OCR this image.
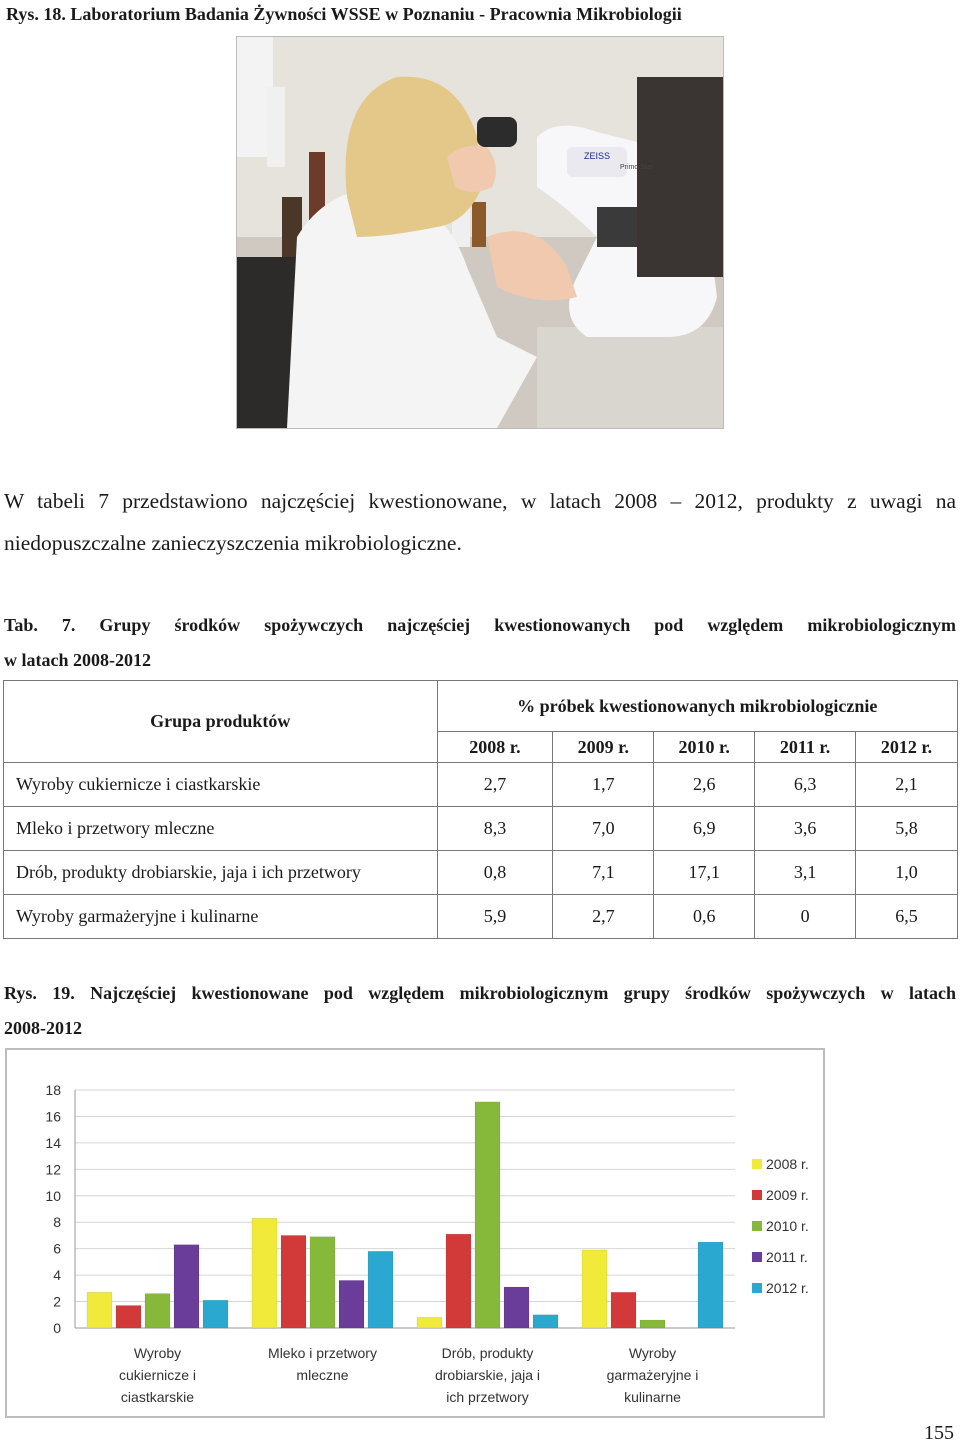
Rys. 18. Laboratorium Badania Żywności WSSE w Poznaniu - Pracownia Mikrobiologii
ZEISS
Primo Star
W tabeli 7 przedstawiono najczęściej kwestionowane, w latach 2008 – 2012, produkty z uwagi na niedopuszczalne zanieczyszczenia mikrobiologiczne.
Tab. 7. Grupy środków spożywczych najczęściej kwestionowanych pod względem mikrobiologicznym
w latach 2008-2012
Grupa produktów	% próbek kwestionowanych mikrobiologicznie				
	2008 r.	2009 r.	2010 r.	2011 r.	2012 r.
Wyroby cukiernicze i ciastkarskie	2,7	1,7	2,6	6,3	2,1
Mleko i przetwory mleczne	8,3	7,0	6,9	3,6	5,8
Drób, produkty drobiarskie, jaja i ich przetwory	0,8	7,1	17,1	3,1	1,0
Wyroby garmażeryjne i kulinarne	5,9	2,7	0,6	0	6,5
Rys. 19. Najczęściej kwestionowane pod względem mikrobiologicznym grupy środków spożywczych w latach
2008-2012
0
2
4
6
8
10
12
14
16
18
Wyroby
cukiernicze i
ciastkarskie
Mleko i przetwory
mleczne
Drób, produkty
drobiarskie, jaja i
ich przetwory
Wyroby
garmażeryjne i
kulinarne
2008 r.
2009 r.
2010 r.
2011 r.
2012 r.
155
